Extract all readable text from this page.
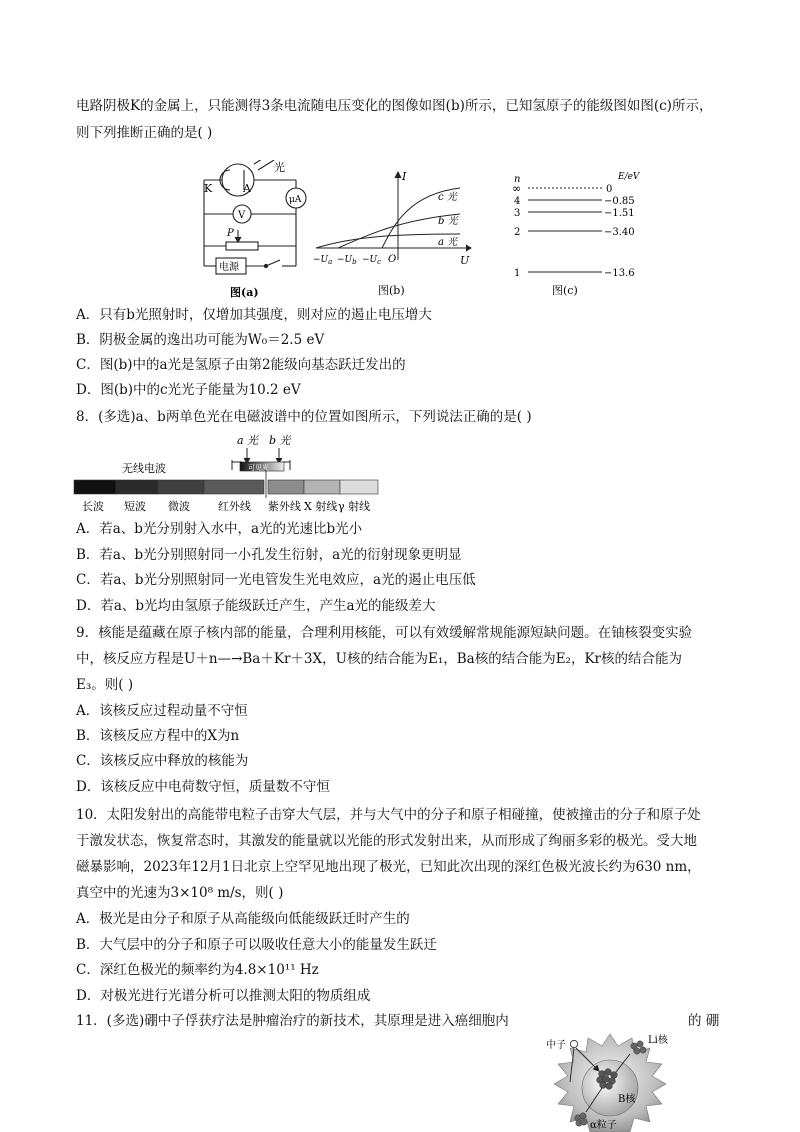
电路阴极K的金属上，只能测得3条电流随电压变化的图像如图(b)所示，已知氢原子的能级图如图(c)所示，
则下列推断正确的是( )
K	A
光
μA
V
P
电源
图(a)
I
U
O
$-U_a -U_b -U_c$
c 光
b 光
a 光
图(b)
n	E/eV
∞	0
4	−0.85
3	−1.51
2	−3.40
1	−13.6
图(c)
A．只有b光照射时，仅增加其强度，则对应的遏止电压增大
B．阴极金属的逸出功可能为W₀＝2.5 eV
C．图(b)中的a光是氢原子由第2能级向基态跃迁发出的
D．图(b)中的c光光子能量为10.2 eV
8．(多选)a、b两单色光在电磁波谱中的位置如图所示，下列说法正确的是( )
a 光 b 光
可见光
无线电波
长波 短波 微波	红外线 紫外线 X 射线 γ 射线
A．若a、b光分别射入水中，a光的光速比b光小
B．若a、b光分别照射同一小孔发生衍射，a光的衍射现象更明显
C．若a、b光分别照射同一光电管发生光电效应，a光的遏止电压低
D．若a、b光均由氢原子能级跃迁产生，产生a光的能级差大
9．核能是蕴藏在原子核内部的能量，合理利用核能，可以有效缓解常规能源短缺问题。在铀核裂变实验
中，核反应方程是U＋n—→Ba＋Kr＋3X，U核的结合能为E₁，Ba核的结合能为E₂，Kr核的结合能为
E₃。则( )
A．该核反应过程动量不守恒
B．该核反应方程中的X为n
C．该核反应中释放的核能为
D．该核反应中电荷数守恒，质量数不守恒
10．太阳发射出的高能带电粒子击穿大气层，并与大气中的分子和原子相碰撞，使被撞击的分子和原子处
于激发状态，恢复常态时，其激发的能量就以光能的形式发射出来，从而形成了绚丽多彩的极光。受大地
磁暴影响，2023年12月1日北京上空罕见地出现了极光，已知此次出现的深红色极光波长约为630 nm，
真空中的光速为3×10⁸ m/s，则( )
A．极光是由分子和原子从高能级向低能级跃迁时产生的
B．大气层中的分子和原子可以吸收任意大小的能量发生跃迁
C．深红色极光的频率约为4.8×10¹¹ Hz
D．对极光进行光谱分析可以推测太阳的物质组成
11．(多选)硼中子俘获疗法是肿瘤治疗的新技术，其原理是进入癌细胞内	的 硼
中子	Li核
B核
α粒子
